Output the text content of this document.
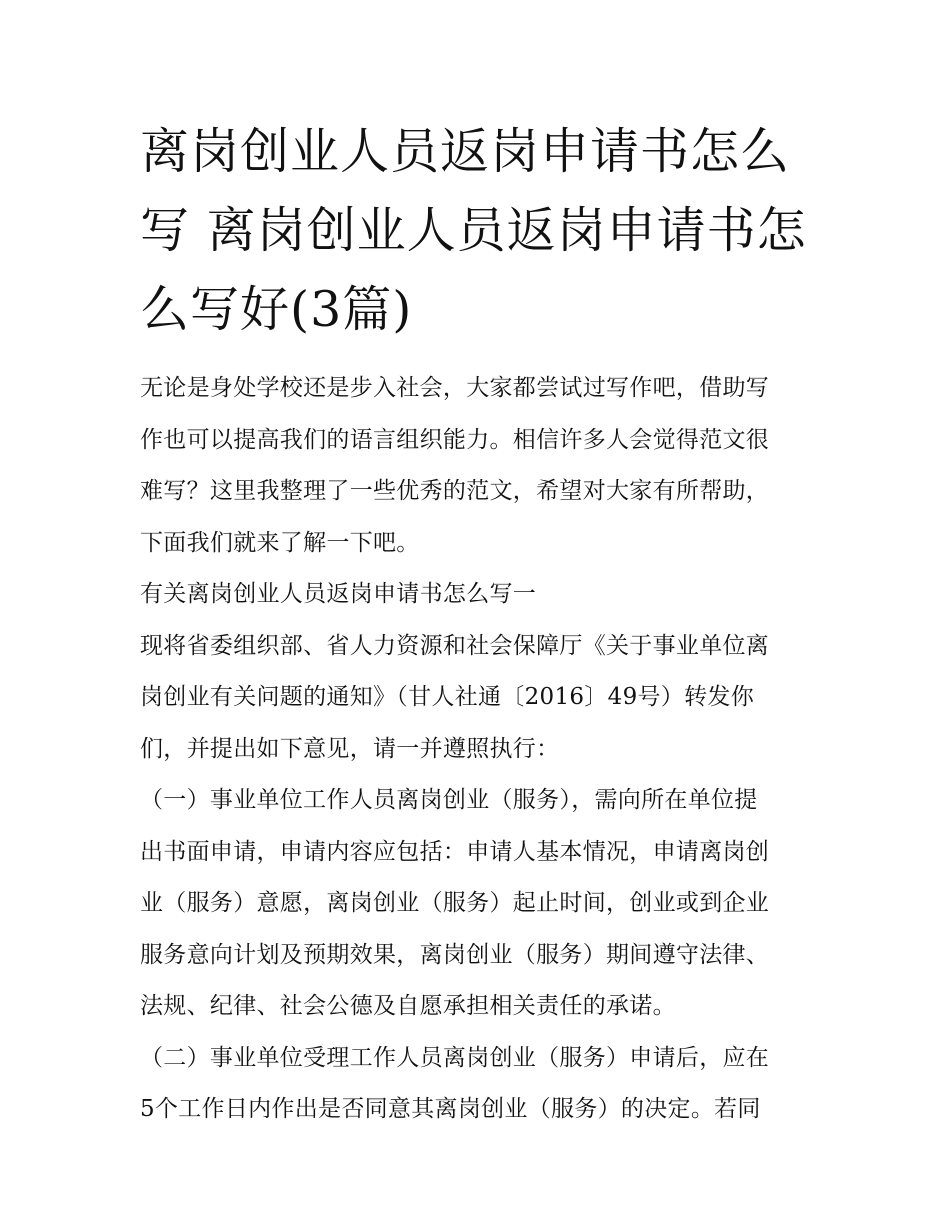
离岗创业人员返岗申请书怎么
写 离岗创业人员返岗申请书怎
么写好(3篇)

无论是身处学校还是步入社会，大家都尝试过写作吧，借助写

作也可以提高我们的语言组织能力。相信许多人会觉得范文很

难写？这里我整理了一些优秀的范文，希望对大家有所帮助，

下面我们就来了解一下吧。

有关离岗创业人员返岗申请书怎么写一

现将省委组织部、省人力资源和社会保障厅《关于事业单位离

岗创业有关问题的通知》（甘人社通〔2016〕49号）转发你

们，并提出如下意见，请一并遵照执行：

（一）事业单位工作人员离岗创业（服务），需向所在单位提

出书面申请，申请内容应包括：申请人基本情况，申请离岗创

业（服务）意愿，离岗创业（服务）起止时间，创业或到企业

服务意向计划及预期效果，离岗创业（服务）期间遵守法律、

法规、纪律、社会公德及自愿承担相关责任的承诺。

（二）事业单位受理工作人员离岗创业（服务）申请后，应在

5个工作日内作出是否同意其离岗创业（服务）的决定。若同
